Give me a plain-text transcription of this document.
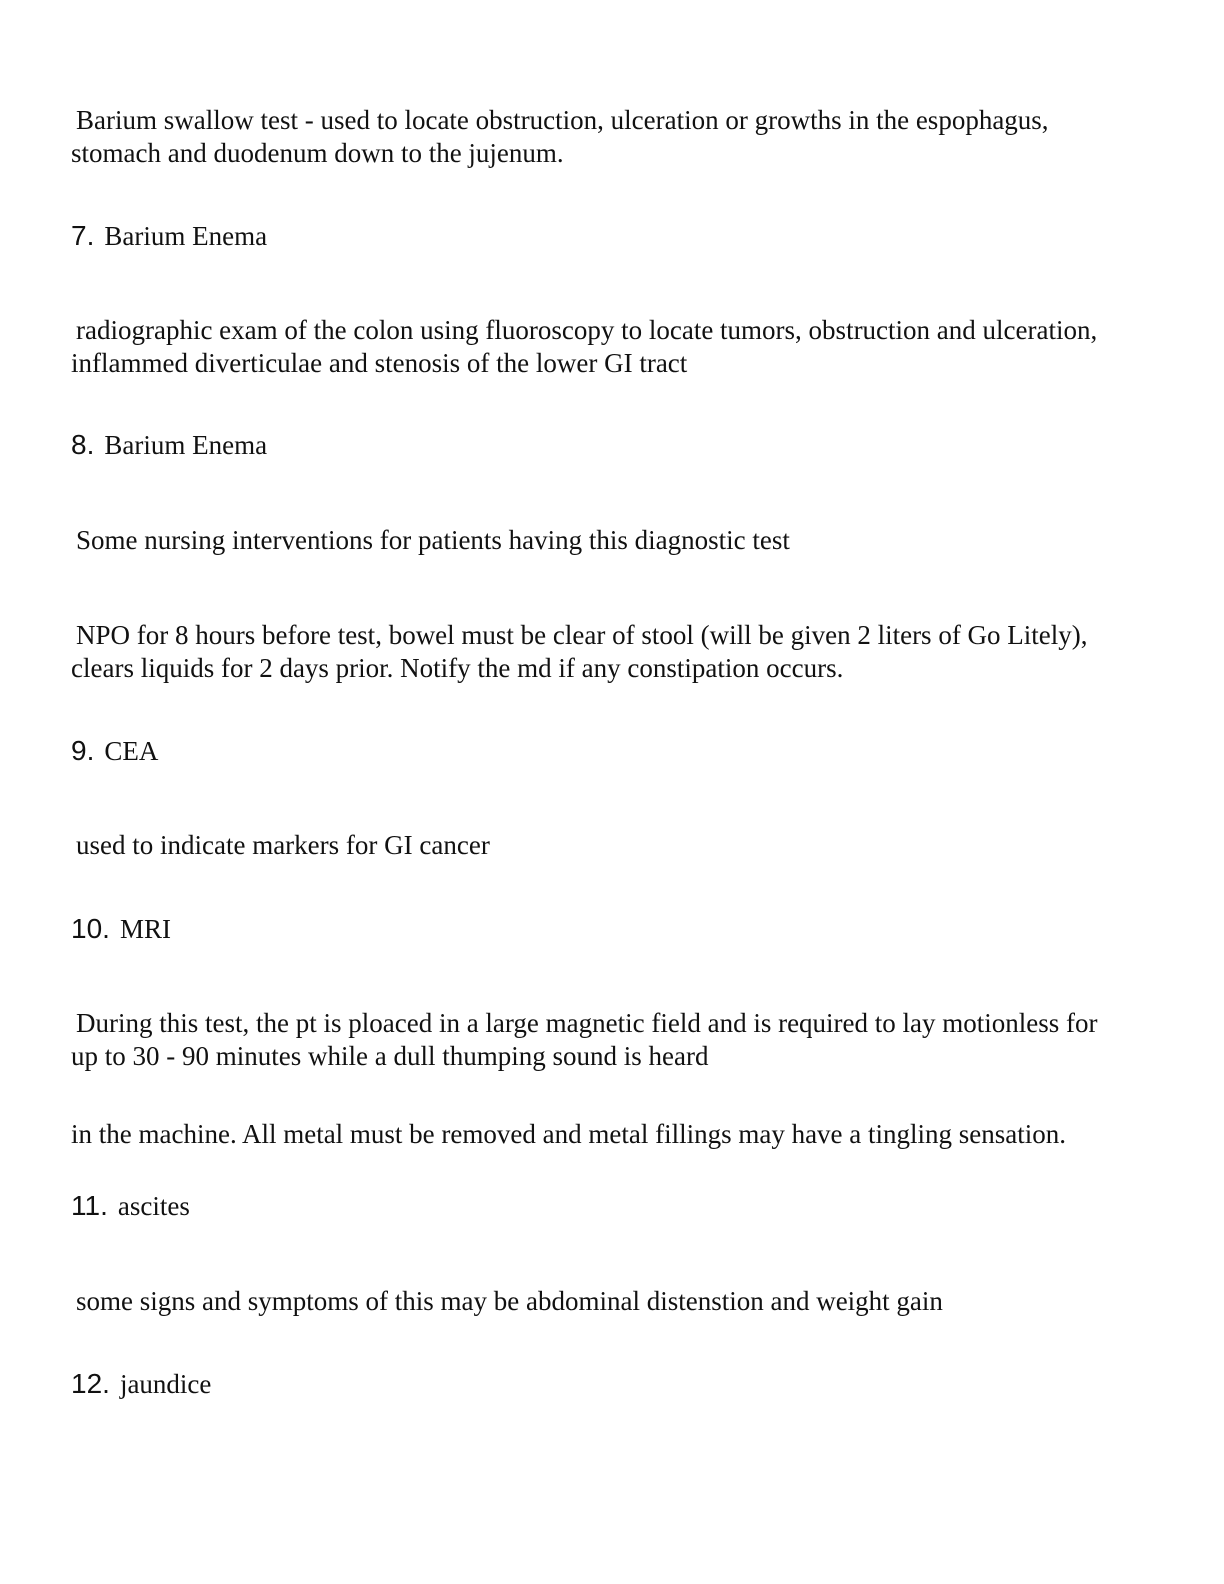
Barium swallow test - used to locate obstruction, ulceration or growths in the espophagus,
stomach and duodenum down to the jujenum.
7. Barium Enema
radiographic exam of the colon using fluoroscopy to locate tumors, obstruction and ulceration,
inflammed diverticulae and stenosis of the lower GI tract
8. Barium Enema
Some nursing interventions for patients having this diagnostic test
NPO for 8 hours before test, bowel must be clear of stool (will be given 2 liters of Go Litely),
clears liquids for 2 days prior. Notify the md if any constipation occurs.
9. CEA
used to indicate markers for GI cancer
10. MRI
During this test, the pt is ploaced in a large magnetic field and is required to lay motionless for
up to 30 - 90 minutes while a dull thumping sound is heard
in the machine. All metal must be removed and metal fillings may have a tingling sensation.
11. ascites
some signs and symptoms of this may be abdominal distenstion and weight gain
12. jaundice
